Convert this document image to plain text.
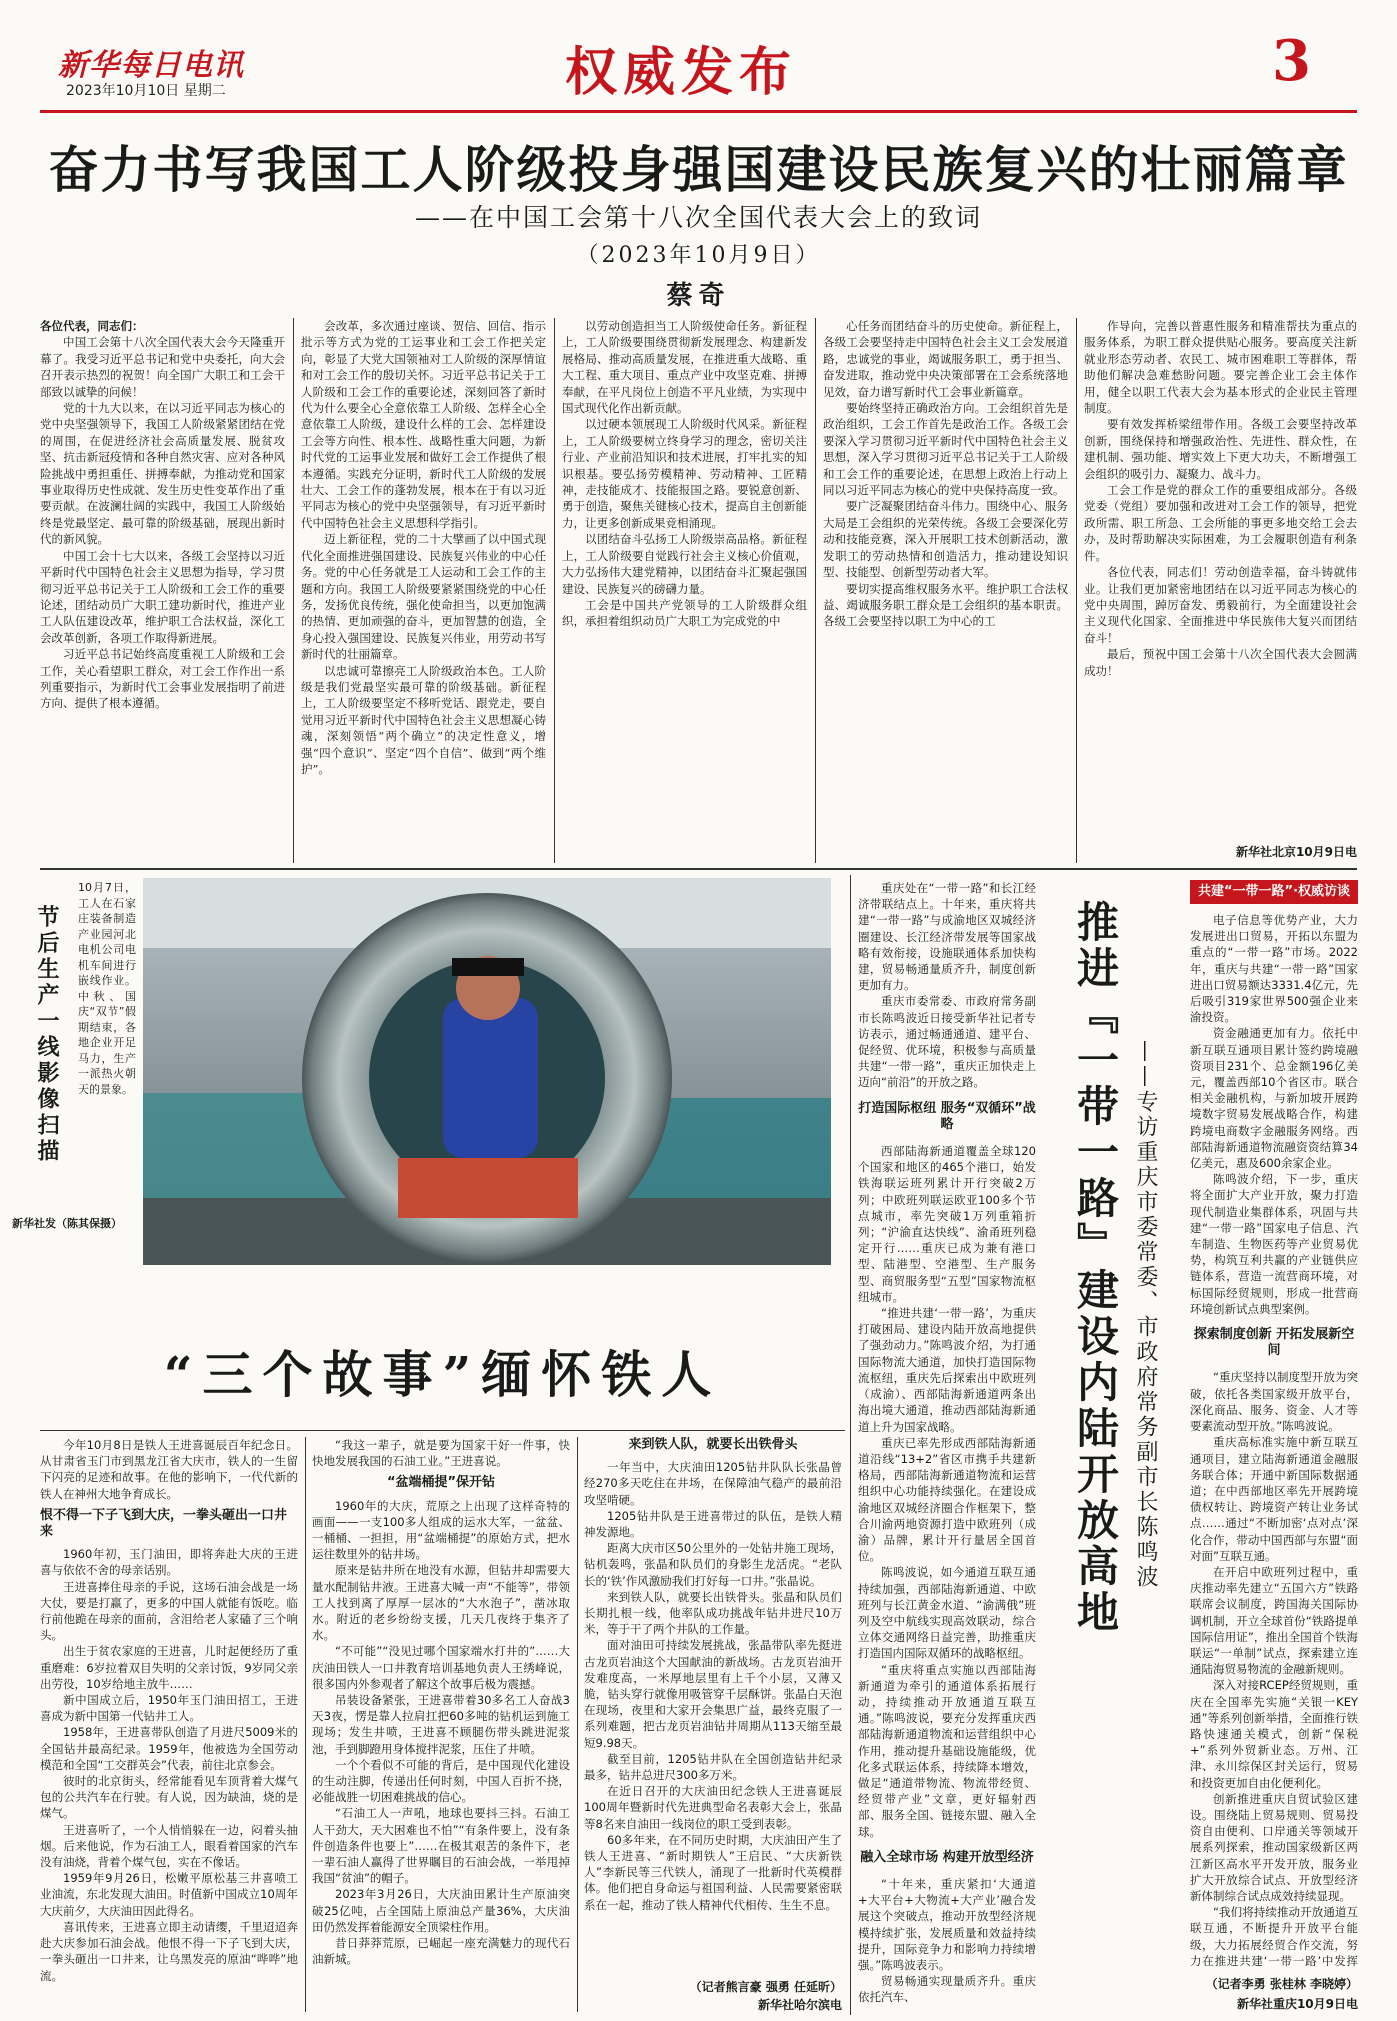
新华每日电讯
2023年10月10日 星期二	权威发布	3
奋力书写我国工人阶级投身强国建设民族复兴的壮丽篇章
——在中国工会第十八次全国代表大会上的致词
（2023年10月9日）
蔡奇

各位代表，同志们：

中国工会第十八次全国代表大会今天隆重开幕了。我受习近平总书记和党中央委托，向大会召开表示热烈的祝贺！向全国广大职工和工会干部致以诚挚的问候！

党的十九大以来，在以习近平同志为核心的党中央坚强领导下，我国工人阶级紧紧团结在党的周围，在促进经济社会高质量发展、脱贫攻坚、抗击新冠疫情和各种自然灾害、应对各种风险挑战中勇担重任、拼搏奉献，为推动党和国家事业取得历史性成就、发生历史性变革作出了重要贡献。在波澜壮阔的实践中，我国工人阶级始终是党最坚定、最可靠的阶级基础，展现出新时代的新风貌。

中国工会十七大以来，各级工会坚持以习近平新时代中国特色社会主义思想为指导，学习贯彻习近平总书记关于工人阶级和工会工作的重要论述，团结动员广大职工建功新时代，推进产业工人队伍建设改革，维护职工合法权益，深化工会改革创新，各项工作取得新进展。

习近平总书记始终高度重视工人阶级和工会工作，关心看望职工群众，对工会工作作出一系列重要指示，为新时代工会事业发展指明了前进方向、提供了根本遵循。

会改革，多次通过座谈、贺信、回信、指示批示等方式为党的工运事业和工会工作把关定向，彰显了大党大国领袖对工人阶级的深厚情谊和对工会工作的殷切关怀。习近平总书记关于工人阶级和工会工作的重要论述，深刻回答了新时代为什么要全心全意依靠工人阶级、怎样全心全意依靠工人阶级，建设什么样的工会、怎样建设工会等方向性、根本性、战略性重大问题，为新时代党的工运事业发展和做好工会工作提供了根本遵循。实践充分证明，新时代工人阶级的发展壮大、工会工作的蓬勃发展，根本在于有以习近平同志为核心的党中央坚强领导，有习近平新时代中国特色社会主义思想科学指引。

迈上新征程，党的二十大擘画了以中国式现代化全面推进强国建设、民族复兴伟业的中心任务。党的中心任务就是工人运动和工会工作的主题和方向。我国工人阶级要紧紧围绕党的中心任务，发扬优良传统，强化使命担当，以更加饱满的热情、更加顽强的奋斗，更加智慧的创造，全身心投入强国建设、民族复兴伟业，用劳动书写新时代的壮丽篇章。

以忠诚可靠擦亮工人阶级政治本色。工人阶级是我们党最坚实最可靠的阶级基础。新征程上，工人阶级要坚定不移听党话、跟党走，要自觉用习近平新时代中国特色社会主义思想凝心铸魂，深刻领悟“两个确立”的决定性意义，增强“四个意识”、坚定“四个自信”、做到“两个维护”。

以劳动创造担当工人阶级使命任务。新征程上，工人阶级要围绕贯彻新发展理念、构建新发展格局、推动高质量发展，在推进重大战略、重大工程、重大项目、重点产业中攻坚克难、拼搏奉献，在平凡岗位上创造不平凡业绩，为实现中国式现代化作出新贡献。

以过硬本领展现工人阶级时代风采。新征程上，工人阶级要树立终身学习的理念，密切关注行业、产业前沿知识和技术进展，打牢扎实的知识根基。要弘扬劳模精神、劳动精神、工匠精神，走技能成才、技能报国之路。要锐意创新、勇于创造，聚焦关键核心技术，提高自主创新能力，让更多创新成果竞相涌现。

以团结奋斗弘扬工人阶级崇高品格。新征程上，工人阶级要自觉践行社会主义核心价值观，大力弘扬伟大建党精神，以团结奋斗汇聚起强国建设、民族复兴的磅礴力量。

工会是中国共产党领导的工人阶级群众组织，承担着组织动员广大职工为完成党的中

心任务而团结奋斗的历史使命。新征程上，各级工会要坚持走中国特色社会主义工会发展道路，忠诚党的事业，竭诚服务职工，勇于担当、奋发进取，推动党中央决策部署在工会系统落地见效，奋力谱写新时代工会事业新篇章。

要始终坚持正确政治方向。工会组织首先是政治组织，工会工作首先是政治工作。各级工会要深入学习贯彻习近平新时代中国特色社会主义思想，深入学习贯彻习近平总书记关于工人阶级和工会工作的重要论述，在思想上政治上行动上同以习近平同志为核心的党中央保持高度一致。

要广泛凝聚团结奋斗伟力。围绕中心、服务大局是工会组织的光荣传统。各级工会要深化劳动和技能竞赛，深入开展职工技术创新活动，激发职工的劳动热情和创造活力，推动建设知识型、技能型、创新型劳动者大军。

要切实提高维权服务水平。维护职工合法权益、竭诚服务职工群众是工会组织的基本职责。各级工会要坚持以职工为中心的工

作导向，完善以普惠性服务和精准帮扶为重点的服务体系，为职工群众提供贴心服务。要高度关注新就业形态劳动者、农民工、城市困难职工等群体，帮助他们解决急难愁盼问题。要完善企业工会主体作用，健全以职工代表大会为基本形式的企业民主管理制度。

要有效发挥桥梁纽带作用。各级工会要坚持改革创新，围绕保持和增强政治性、先进性、群众性，在建机制、强功能、增实效上下更大功夫，不断增强工会组织的吸引力、凝聚力、战斗力。

工会工作是党的群众工作的重要组成部分。各级党委（党组）要加强和改进对工会工作的领导，把党政所需、职工所急、工会所能的事更多地交给工会去办，及时帮助解决实际困难，为工会履职创造有利条件。

各位代表，同志们！劳动创造幸福，奋斗铸就伟业。让我们更加紧密地团结在以习近平同志为核心的党中央周围，踔厉奋发、勇毅前行，为全面建设社会主义现代化国家、全面推进中华民族伟大复兴而团结奋斗！

最后，预祝中国工会第十八次全国代表大会圆满成功！

新华社北京10月9日电
节后生产一线影像扫描
10月7日，工人在石家庄装备制造产业园河北电机公司电机车间进行嵌线作业。中秋、国庆“双节”假期结束，各地企业开足马力，生产一派热火朝天的景象。
新华社发（陈其保摄）
“三个故事”缅怀铁人

今年10月8日是铁人王进喜诞辰百年纪念日。从甘肃省玉门市到黑龙江省大庆市，铁人的一生留下闪亮的足迹和故事。在他的影响下，一代代新的铁人在神州大地争育成长。

恨不得一下子飞到大庆，一拳头砸出一口井来

1960年初，玉门油田，即将奔赴大庆的王进喜与依依不舍的母亲话别。

王进喜捧住母亲的手说，这场石油会战是一场大仗，要是打赢了，更多的中国人就能有饭吃。临行前他跪在母亲的面前，含泪给老人家磕了三个响头。

出生于贫农家庭的王进喜，儿时起便经历了重重磨难：6岁拉着双目失明的父亲讨饭，9岁同父亲出劳役，10岁给地主放牛……

新中国成立后，1950年玉门油田招工，王进喜成为新中国第一代钻井工人。

1958年，王进喜带队创造了月进尺5009米的全国钻井最高纪录。1959年，他被选为全国劳动模范和全国“工交群英会”代表，前往北京参会。

彼时的北京街头，经常能看见车顶背着大煤气包的公共汽车在行驶。有人说，因为缺油，烧的是煤气。

王进喜听了，一个人悄悄躲在一边，闷着头抽烟。后来他说，作为石油工人，眼看着国家的汽车没有油烧，背着个煤气包，实在不像话。

1959年9月26日，松嫩平原松基三井喜喷工业油流，东北发现大油田。时值新中国成立10周年大庆前夕，大庆油田因此得名。

喜讯传来，王进喜立即主动请缨，千里迢迢奔赴大庆参加石油会战。他恨不得一下子飞到大庆，一拳头砸出一口井来，让乌黑发亮的原油“哗哗”地流。

“我这一辈子，就是要为国家干好一件事，快快地发展我国的石油工业。”王进喜说。

“盆端桶提”保开钻

1960年的大庆，荒原之上出现了这样奇特的画面——一支100多人组成的运水大军，一盆盆、一桶桶、一担担，用“盆端桶提”的原始方式，把水运往数里外的钻井场。

原来是钻井所在地没有水源，但钻井却需要大量水配制钻井液。王进喜大喊一声“不能等”，带领工人找到离了厚厚一层冰的“大水泡子”，凿冰取水。附近的老乡纷纷支援，几天几夜终于集齐了水。

“不可能”“没见过哪个国家端水打井的”……大庆油田铁人一口井教育培训基地负责人王绣峰说，很多国内外参观者了解这个故事后极为震撼。

吊装设备紧张，王进喜带着30多名工人奋战3天3夜，愣是靠人拉肩扛把60多吨的钻机运到施工现场；发生井喷，王进喜不顾腿伤带头跳进泥浆池，手到脚蹬用身体搅拌泥浆，压住了井喷。

一个个看似不可能的背后，是中国现代化建设的生动注脚，传递出任何时刻，中国人百折不挠，必能战胜一切困难挑战的信心。

“石油工人一声吼，地球也要抖三抖。石油工人干劲大，天大困难也不怕”“有条件要上，没有条件创造条件也要上”……在极其艰苦的条件下，老一辈石油人赢得了世界瞩目的石油会战，一举甩掉我国“贫油”的帽子。

2023年3月26日，大庆油田累计生产原油突破25亿吨，占全国陆上原油总产量36%，大庆油田仍然发挥着能源安全顶梁柱作用。

昔日莽莽荒原，已崛起一座充满魅力的现代石油新城。

来到铁人队，就要长出铁骨头

一年当中，大庆油田1205钻井队队长张晶曾经270多天吃住在井场，在保障油气稳产的最前沿攻坚啃硬。

1205钻井队是王进喜带过的队伍，是铁人精神发源地。

距离大庆市区50公里外的一处钻井施工现场，钻机轰鸣，张晶和队员们的身影生龙活虎。“老队长的‘铁’作风激励我们打好每一口井。”张晶说。

来到铁人队，就要长出铁骨头。张晶和队员们长期扎根一线，他率队成功挑战年钻井进尺10万米，等于干了两个井队的工作量。

面对油田可持续发展挑战，张晶带队率先挺进古龙页岩油这个大国献油的新战场。古龙页岩油开发难度高，一米厚地层里有上千个小层，又薄又脆，钻头穿行就像用吸管穿千层酥饼。张晶白天泡在现场，夜里和大家开会集思广益，最终克服了一系列难题，把古龙页岩油钻井周期从113天缩至最短9.98天。

截至目前，1205钻井队在全国创造钻井纪录最多，钻井总进尺300多万米。

在近日召开的大庆油田纪念铁人王进喜诞辰100周年暨新时代先进典型命名表彰大会上，张晶等8名来自油田一线岗位的职工受到表彰。

60多年来，在不同历史时期，大庆油田产生了铁人王进喜、“新时期铁人”王启民、“大庆新铁人”李新民等三代铁人，涌现了一批新时代英模群体。他们把自身命运与祖国利益、人民需要紧密联系在一起，推动了铁人精神代代相传、生生不息。

（记者熊言豪 强勇 任延昕）
新华社哈尔滨电

重庆处在“一带一路”和长江经济带联结点上。十年来，重庆将共建“一带一路”与成渝地区双城经济圈建设、长江经济带发展等国家战略有效衔接，设施联通体系加快构建，贸易畅通量质齐升，制度创新更加有力。

重庆市委常委、市政府常务副市长陈鸣波近日接受新华社记者专访表示，通过畅通通道、建平台、促经贸、优环境，积极参与高质量共建“一带一路”，重庆正加快走上迈向“前沿”的开放之路。

打造国际枢纽 服务“双循环”战略

西部陆海新通道覆盖全球120个国家和地区的465个港口，始发铁海联运班列累计开行突破2万列；中欧班列联运欧亚100多个节点城市，率先突破1万列重箱折列；“沪渝直达快线”、渝甬班列稳定开行……重庆已成为兼有港口型、陆港型、空港型、生产服务型、商贸服务型“五型”国家物流枢纽城市。

“推进共建‘一带一路’，为重庆打破困局、建设内陆开放高地提供了强劲动力。”陈鸣波介绍，为打通国际物流大通道，加快打造国际物流枢纽，重庆先后探索出中欧班列（成渝）、西部陆海新通道两条出海出境大通道，推动西部陆海新通道上升为国家战略。

重庆已率先形成西部陆海新通道沿线“13+2”省区市携手共建新格局，西部陆海新通道物流和运营组织中心功能持续强化。在建设成渝地区双城经济圈合作框架下，整合川渝两地资源打造中欧班列（成渝）品牌，累计开行量居全国首位。

陈鸣波说，如今通道互联互通持续加强，西部陆海新通道、中欧班列与长江黄金水道、“渝满俄”班列及空中航线实现高效联动，综合立体交通网络日益完善，助推重庆打造国内国际双循环的战略枢纽。

“重庆将重点实施以西部陆海新通道为牵引的通道体系拓展行动，持续推动开放通道互联互通。”陈鸣波说，要充分发挥重庆西部陆海新通道物流和运营组织中心作用，推动提升基础设施能级，优化多式联运体系，持续降本增效，做足“通道带物流、物流带经贸、经贸带产业”文章，更好辐射西部、服务全国、链接东盟、融入全球。

融入全球市场 构建开放型经济

“十年来，重庆紧扣‘大通道+大平台+大物流+大产业’融合发展这个突破点，推动开放型经济规模持续扩张，发展质量和效益持续提升，国际竞争力和影响力持续增强。”陈鸣波表示。

贸易畅通实现量质齐升。重庆依托汽车、

推进『一带一路』建设内陆开放高地 ——专访重庆市委常委、市政府常务副市长陈鸣波
共建“一带一路”·权威访谈

电子信息等优势产业，大力发展进出口贸易，开拓以东盟为重点的“一带一路”市场。2022年，重庆与共建“一带一路”国家进出口贸易额达3331.4亿元，先后吸引319家世界500强企业来渝投资。

资金融通更加有力。依托中新互联互通项目累计签约跨境融资项目231个、总金额196亿美元，覆盖西部10个省区市。联合相关金融机构，与新加坡开展跨境数字贸易发展战略合作，构建跨境电商数字金融服务网络。西部陆海新通道物流融资资结算34亿美元，惠及600余家企业。

陈鸣波介绍，下一步，重庆将全面扩大产业开放，聚力打造现代制造业集群体系，巩固与共建“一带一路”国家电子信息、汽车制造、生物医药等产业贸易优势，构筑互利共赢的产业链供应链体系，营造一流营商环境，对标国际经贸规则，形成一批营商环境创新试点典型案例。

探索制度创新 开拓发展新空间

“重庆坚持以制度型开放为突破，依托各类国家级开放平台，深化商品、服务、资金、人才等要素流动型开放。”陈鸣波说。

重庆高标准实施中新互联互通项目，建立陆海新通道金融服务联合体；开通中新国际数据通道；在中西部地区率先开展跨境债权转让、跨境资产转让业务试点……通过“不断加密‘点对点’深化合作，带动中国西部与东盟“面对面”互联互通。

在开启中欧班列过程中，重庆推动率先建立“五国六方”铁路联席会议制度，跨国海关国际协调机制，开立全球首份“铁路提单国际信用证”，推出全国首个铁海联运“一单制”试点，探索建立连通陆海贸易物流的金融新规则。

深入对接RCEP经贸规则，重庆在全国率先实施“关银一KEY通”等系列创新举措，全面推行铁路快速通关模式，创新“保税+”系列外贸新业态。万州、江津、永川综保区封关运行，贸易和投资更加自由化便利化。

创新推进重庆自贸试验区建设。围绕陆上贸易规则、贸易投资自由便利、口岸通关等领域开展系列探索，推动国家级新区两江新区高水平开发开放，服务业扩大开放综合试点、开放型经济新体制综合试点成效持续显现。

“我们将持续推动开放通道互联互通，不断提升开放平台能级，大力拓展经贸合作交流，努力在推进共建‘一带一路’中发挥

（记者李勇 张桂林 李晓婷）
新华社重庆10月9日电
